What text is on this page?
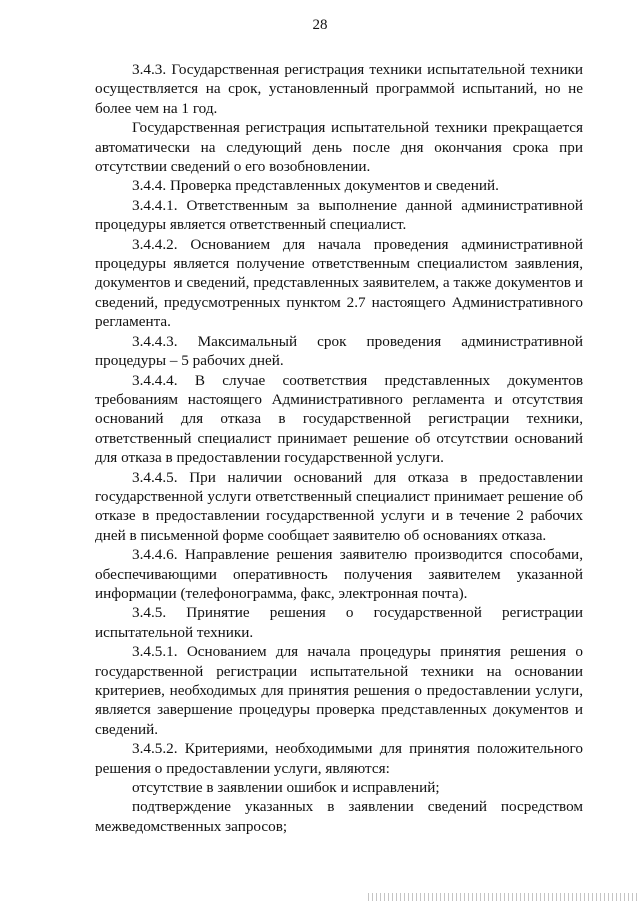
28

3.4.3. Государственная регистрация техники испытательной техники осуществляется на срок, установленный программой испытаний, но не более чем на 1 год.

Государственная регистрация испытательной техники прекращается автоматически на следующий день после дня окончания срока при отсутствии сведений о его возобновлении.

3.4.4. Проверка представленных документов и сведений.

3.4.4.1. Ответственным за выполнение данной административной процедуры является ответственный специалист.

3.4.4.2. Основанием для начала проведения административной процедуры является получение ответственным специалистом заявления, документов и сведений, представленных заявителем, а также документов и сведений, предусмотренных пунктом 2.7 настоящего Административного регламента.

3.4.4.3. Максимальный срок проведения административной процедуры – 5 рабочих дней.

3.4.4.4. В случае соответствия представленных документов требованиям настоящего Административного регламента и отсутствия оснований для отказа в государственной регистрации техники, ответственный специалист принимает решение об отсутствии оснований для отказа в предоставлении государственной услуги.

3.4.4.5. При наличии оснований для отказа в предоставлении государственной услуги ответственный специалист принимает решение об отказе в предоставлении государственной услуги и в течение 2 рабочих дней в письменной форме сообщает заявителю об основаниях отказа.

3.4.4.6. Направление решения заявителю производится способами, обеспечивающими оперативность получения заявителем указанной информации (телефонограмма, факс, электронная почта).

3.4.5. Принятие решения о государственной регистрации испытательной техники.

3.4.5.1. Основанием для начала процедуры принятия решения о государственной регистрации испытательной техники на основании критериев, необходимых для принятия решения о предоставлении услуги, является завершение процедуры проверка представленных документов и сведений.

3.4.5.2. Критериями, необходимыми для принятия положительного решения о предоставлении услуги, являются:

отсутствие в заявлении ошибок и исправлений;

подтверждение указанных в заявлении сведений посредством межведомственных запросов;
